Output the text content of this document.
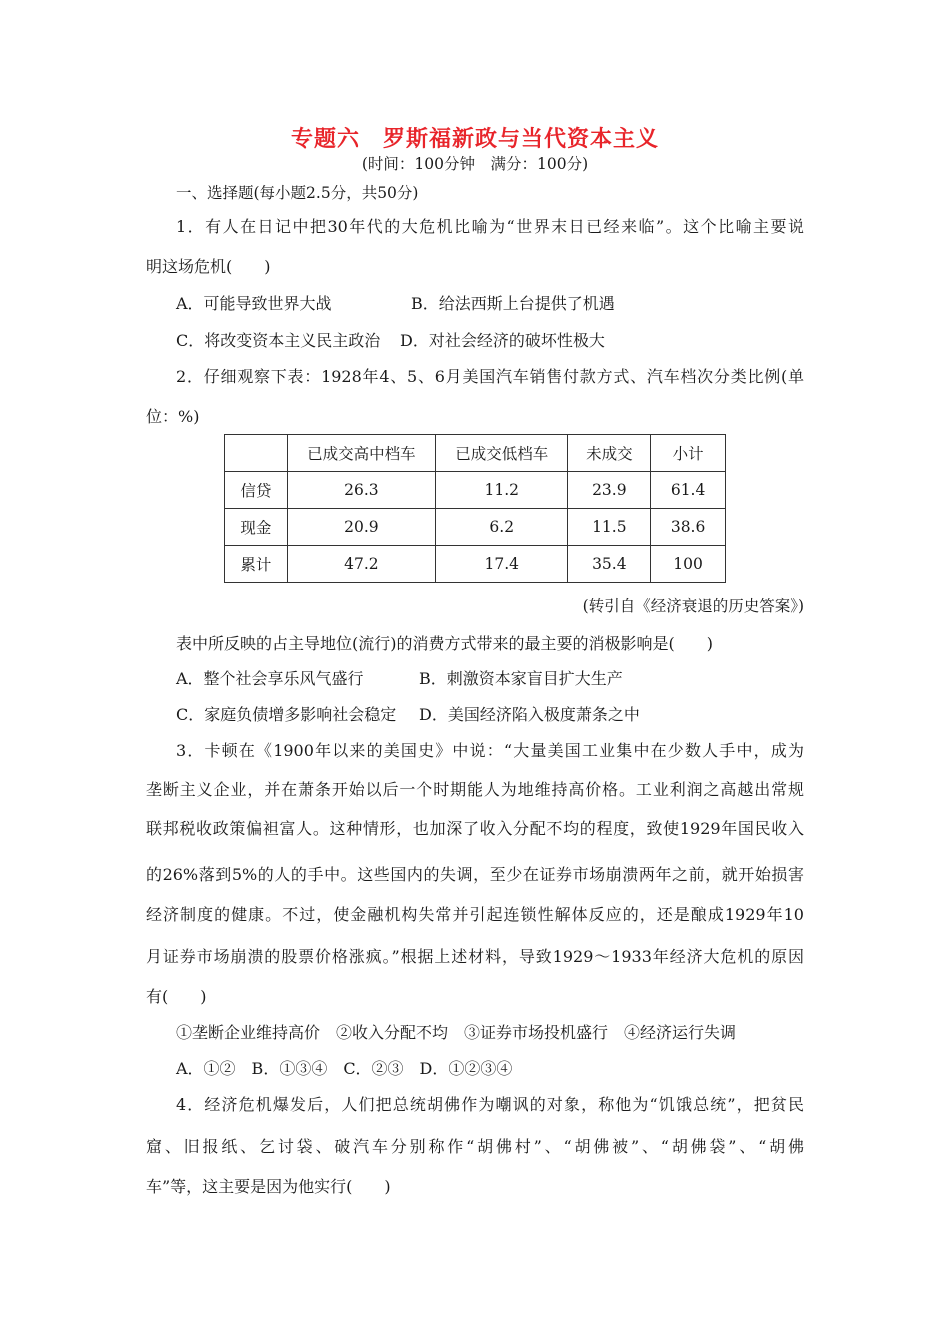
专题六　罗斯福新政与当代资本主义
(时间：100分钟　满分：100分)
一、选择题(每小题2.5分，共50分)
1．有人在日记中把30年代的大危机比喻为“世界末日已经来临”。这个比喻主要说
明这场危机(　　)
A．可能导致世界大战	B．给法西斯上台提供了机遇
C．将改变资本主义民主政治 D．对社会经济的破坏性极大
2．仔细观察下表：1928年4、5、6月美国汽车销售付款方式、汽车档次分类比例(单
位：%)
	已成交高中档车	已成交低档车	未成交	小计
信贷	26.3	11.2	23.9	61.4
现金	20.9	6.2	11.5	38.6
累计	47.2	17.4	35.4	100
(转引自《经济衰退的历史答案》)
表中所反映的占主导地位(流行)的消费方式带来的最主要的消极影响是(　　)
A．整个社会享乐风气盛行	B．刺激资本家盲目扩大生产
C．家庭负债增多影响社会稳定 D．美国经济陷入极度萧条之中
3．卡顿在《1900年以来的美国史》中说：“大量美国工业集中在少数人手中，成为
垄断主义企业，并在萧条开始以后一个时期能人为地维持高价格。工业利润之高越出常规
联邦税收政策偏袒富人。这种情形，也加深了收入分配不均的程度，致使1929年国民收入
的26%落到5%的人的手中。这些国内的失调，至少在证券市场崩溃两年之前，就开始损害
经济制度的健康。不过，使金融机构失常并引起连锁性解体反应的，还是酿成1929年10
月证券市场崩溃的股票价格涨疯。”根据上述材料，导致1929～1933年经济大危机的原因
有(　　)
①垄断企业维持高价　②收入分配不均　③证券市场投机盛行　④经济运行失调
A．①②　B．①③④　C．②③　D．①②③④
4．经济危机爆发后，人们把总统胡佛作为嘲讽的对象，称他为“饥饿总统”，把贫民
窟、旧报纸、乞讨袋、破汽车分别称作“胡佛村”、“胡佛被”、“胡佛袋”、“胡佛
车”等，这主要是因为他实行(　　)
